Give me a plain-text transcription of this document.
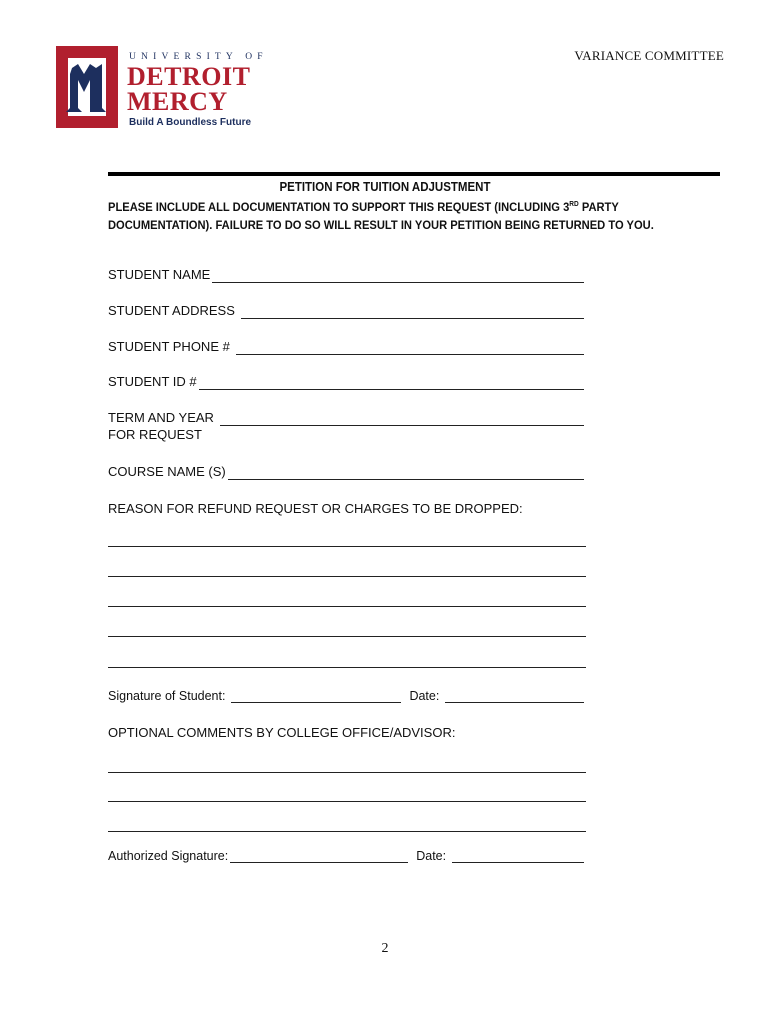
UNIVERSITY OF
DETROIT
MERCY
Build A Boundless Future
VARIANCE COMMITTEE
PETITION FOR TUITION ADJUSTMENT
PLEASE INCLUDE ALL DOCUMENTATION TO SUPPORT THIS REQUEST (INCLUDING 3RD PARTY
DOCUMENTATION). FAILURE TO DO SO WILL RESULT IN YOUR PETITION BEING RETURNED TO YOU.
STUDENT NAME
STUDENT ADDRESS
STUDENT PHONE #
STUDENT ID #
TERM AND YEAR
FOR REQUEST
COURSE NAME (S)
REASON FOR REFUND REQUEST OR CHARGES TO BE DROPPED:
Signature of Student:	Date:
OPTIONAL COMMENTS BY COLLEGE OFFICE/ADVISOR:
Authorized Signature:	Date:
2
